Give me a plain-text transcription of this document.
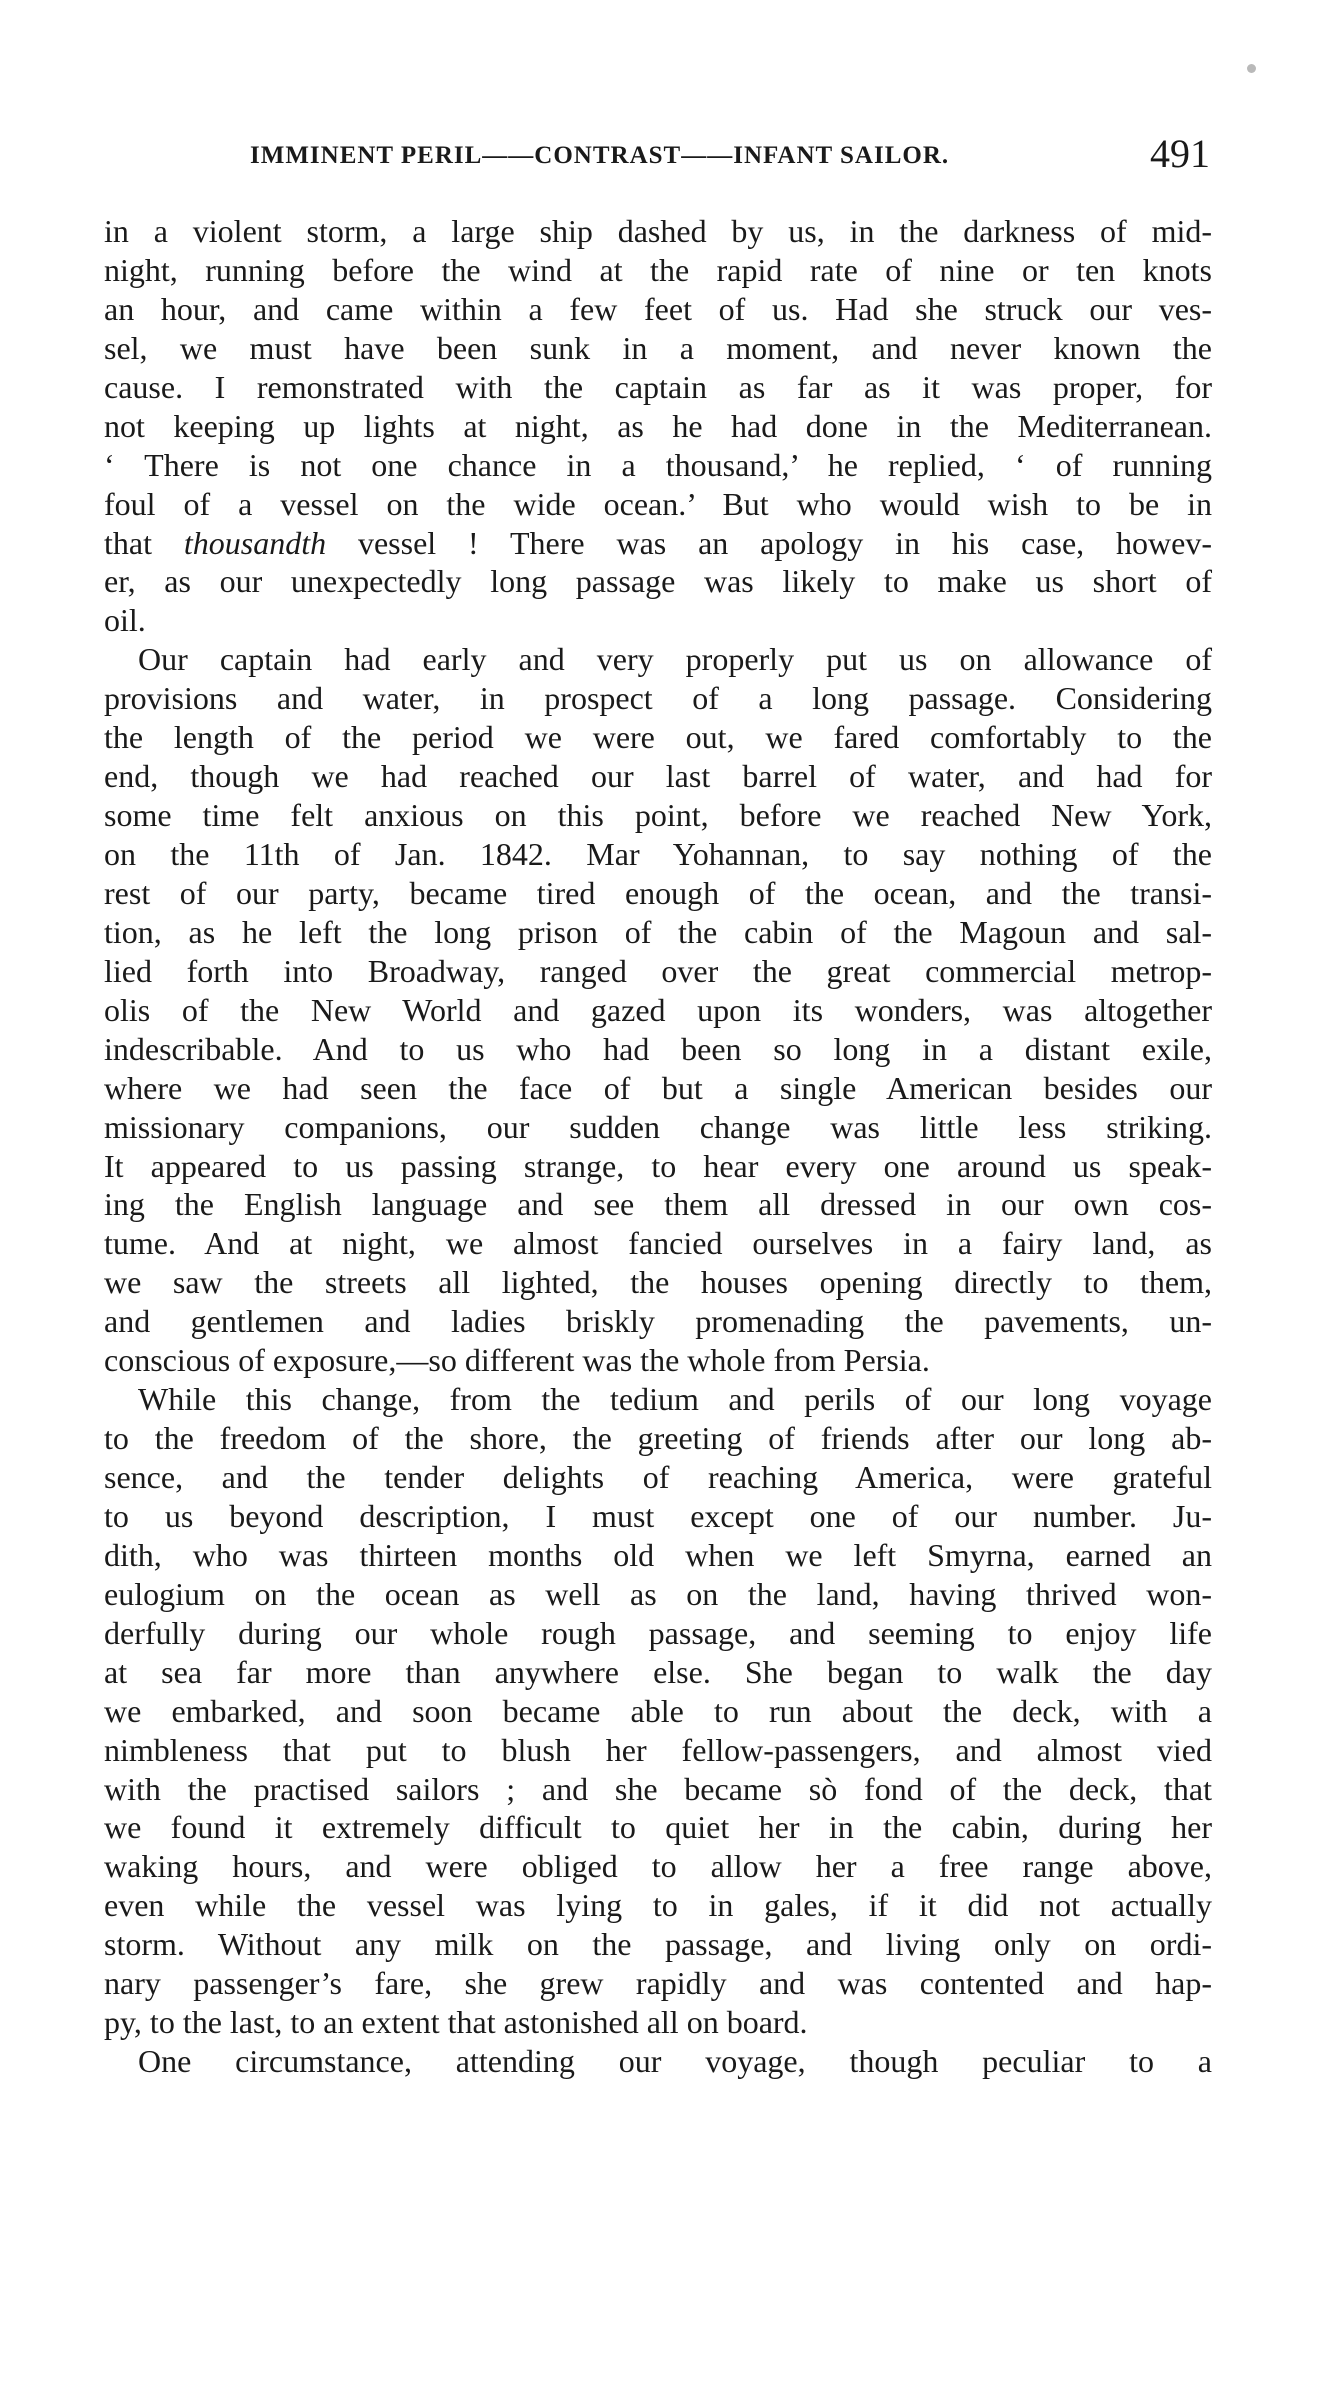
IMMINENT PERIL——CONTRAST——INFANT SAILOR.	491
in a violent storm, a large ship dashed by us, in the darkness of mid-
night, running before the wind at the rapid rate of nine or ten knots
an hour, and came within a few feet of us. Had she struck our ves-
sel, we must have been sunk in a moment, and never known the
cause. I remonstrated with the captain as far as it was proper, for
not keeping up lights at night, as he had done in the Mediterranean.
‘ There is not one chance in a thousand,’ he replied, ‘ of running
foul of a vessel on the wide ocean.’ But who would wish to be in
that thousandth vessel ! There was an apology in his case, howev-
er, as our unexpectedly long passage was likely to make us short of
oil.
Our captain had early and very properly put us on allowance of
provisions and water, in prospect of a long passage. Considering
the length of the period we were out, we fared comfortably to the
end, though we had reached our last barrel of water, and had for
some time felt anxious on this point, before we reached New York,
on the 11th of Jan. 1842. Mar Yohannan, to say nothing of the
rest of our party, became tired enough of the ocean, and the transi-
tion, as he left the long prison of the cabin of the Magoun and sal-
lied forth into Broadway, ranged over the great commercial metrop-
olis of the New World and gazed upon its wonders, was altogether
indescribable. And to us who had been so long in a distant exile,
where we had seen the face of but a single American besides our
missionary companions, our sudden change was little less striking.
It appeared to us passing strange, to hear every one around us speak-
ing the English language and see them all dressed in our own cos-
tume. And at night, we almost fancied ourselves in a fairy land, as
we saw the streets all lighted, the houses opening directly to them,
and gentlemen and ladies briskly promenading the pavements, un-
conscious of exposure,—so different was the whole from Persia.
While this change, from the tedium and perils of our long voyage
to the freedom of the shore, the greeting of friends after our long ab-
sence, and the tender delights of reaching America, were grateful
to us beyond description, I must except one of our number. Ju-
dith, who was thirteen months old when we left Smyrna, earned an
eulogium on the ocean as well as on the land, having thrived won-
derfully during our whole rough passage, and seeming to enjoy life
at sea far more than anywhere else. She began to walk the day
we embarked, and soon became able to run about the deck, with a
nimbleness that put to blush her fellow-passengers, and almost vied
with the practised sailors ; and she became sò fond of the deck, that
we found it extremely difficult to quiet her in the cabin, during her
waking hours, and were obliged to allow her a free range above,
even while the vessel was lying to in gales, if it did not actually
storm. Without any milk on the passage, and living only on ordi-
nary passenger’s fare, she grew rapidly and was contented and hap-
py, to the last, to an extent that astonished all on board.
One circumstance, attending our voyage, though peculiar to a
